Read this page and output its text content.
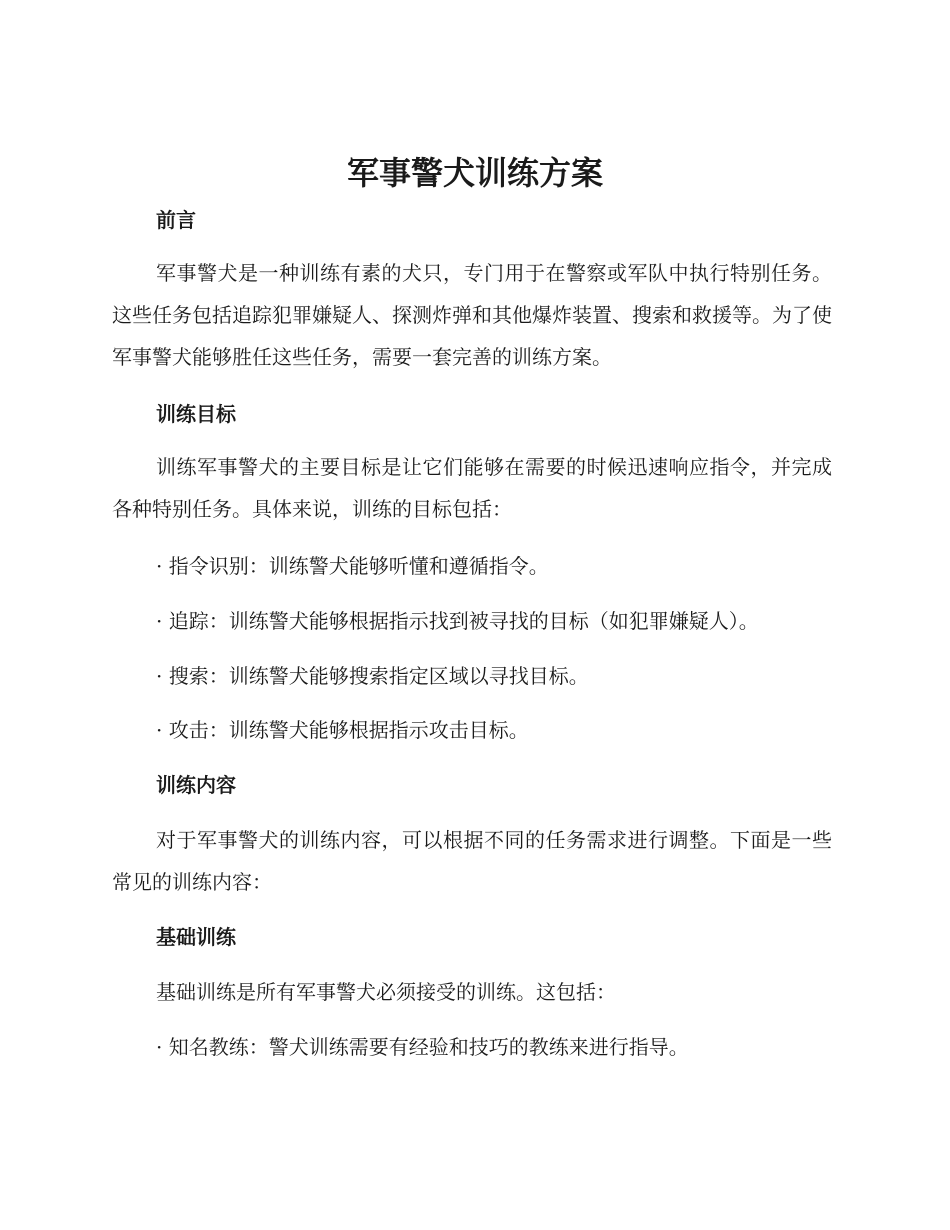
军事警犬训练方案
前言

军事警犬是一种训练有素的犬只，专门用于在警察或军队中执行特别任务。这些任务包括追踪犯罪嫌疑人、探测炸弹和其他爆炸装置、搜索和救援等。为了使军事警犬能够胜任这些任务，需要一套完善的训练方案。

训练目标

训练军事警犬的主要目标是让它们能够在需要的时候迅速响应指令，并完成各种特别任务。具体来说，训练的目标包括：

· 指令识别：训练警犬能够听懂和遵循指令。

· 追踪：训练警犬能够根据指示找到被寻找的目标（如犯罪嫌疑人）。

· 搜索：训练警犬能够搜索指定区域以寻找目标。

· 攻击：训练警犬能够根据指示攻击目标。

训练内容

对于军事警犬的训练内容，可以根据不同的任务需求进行调整。下面是一些常见的训练内容：

基础训练

基础训练是所有军事警犬必须接受的训练。这包括：

· 知名教练：警犬训练需要有经验和技巧的教练来进行指导。
